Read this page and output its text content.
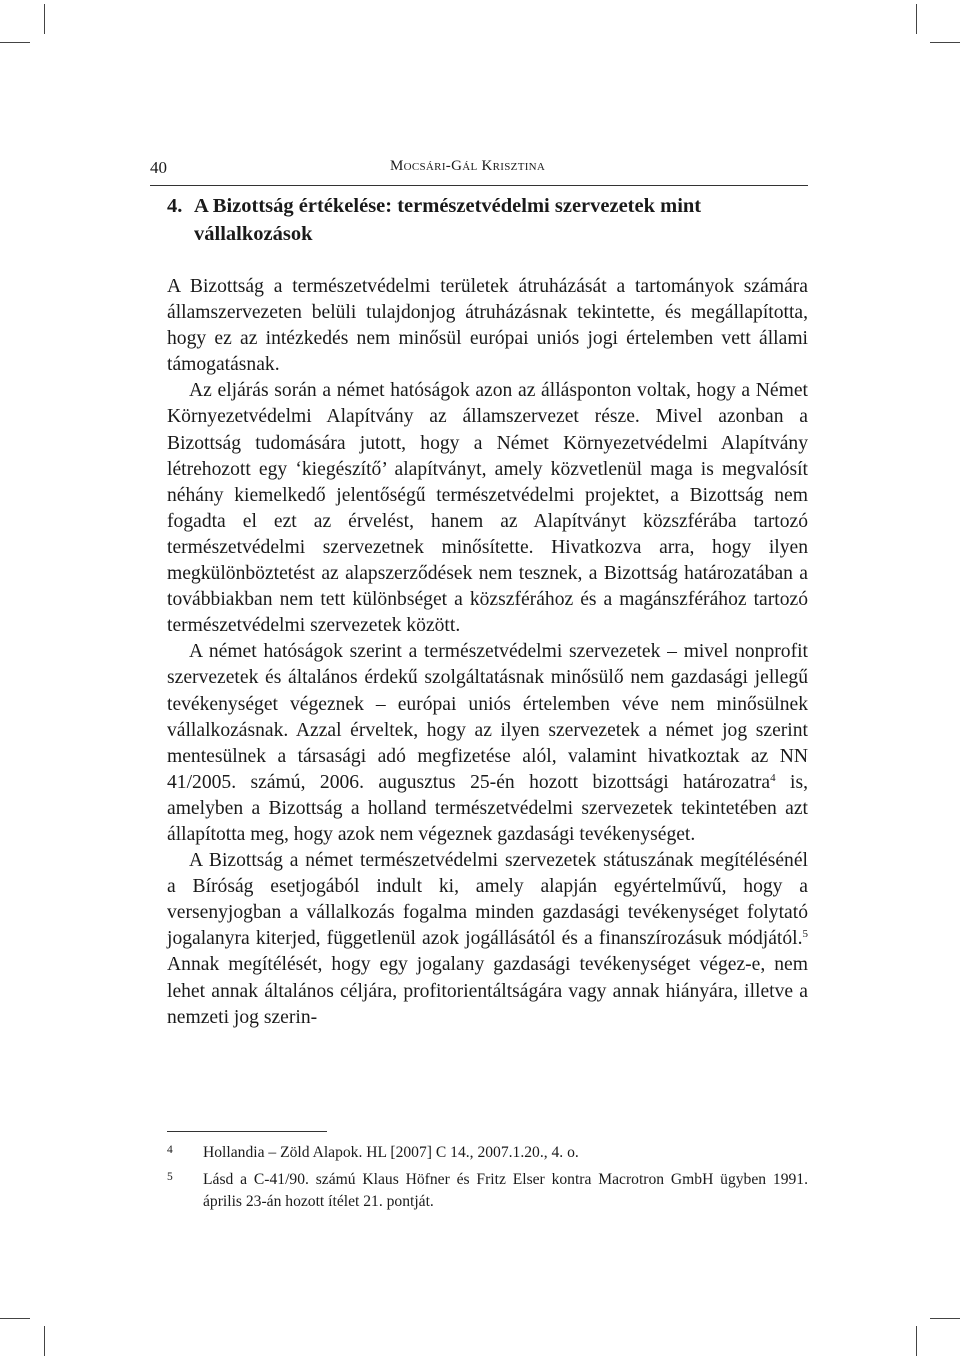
40	Mocsári-Gál Krisztina
4. A Bizottság értékelése: természetvédelmi szervezetek mint vállalkozások

A Bizottság a természetvédelmi területek átruházását a tartományok számára államszervezeten belüli tulajdonjog átruházásnak tekintette, és megállapította, hogy ez az intézkedés nem minősül európai uniós jogi értelemben vett állami támogatásnak.

Az eljárás során a német hatóságok azon az állásponton voltak, hogy a Német Környezetvédelmi Alapítvány az államszervezet része. Mivel azonban a Bizottság tudomására jutott, hogy a Német Környezetvédelmi Alapítvány létrehozott egy ‘kiegészítő’ alapítványt, amely közvetlenül maga is megvalósít néhány kiemelkedő jelentőségű természetvédelmi projektet, a Bizottság nem fogadta el ezt az érvelést, hanem az Alapítványt közszférába tartozó természetvédelmi szervezetnek minősítette. Hivatkozva arra, hogy ilyen megkülönböztetést az alapszerződések nem tesznek, a Bizottság határozatában a továbbiakban nem tett különbséget a közszférához és a magánszférához tartozó természetvédelmi szervezetek között.

A német hatóságok szerint a természetvédelmi szervezetek – mivel nonprofit szervezetek és általános érdekű szolgáltatásnak minősülő nem gazdasági jellegű tevékenységet végeznek – európai uniós értelemben véve nem minősülnek vállalkozásnak. Azzal érveltek, hogy az ilyen szervezetek a német jog szerint mentesülnek a társasági adó megfizetése alól, valamint hivatkoztak az NN 41/2005. számú, 2006. augusztus 25-én hozott bizottsági határozatra$^4$ is, amelyben a Bizottság a holland természetvédelmi szervezetek tekintetében azt állapította meg, hogy azok nem végeznek gazdasági tevékenységet.

A Bizottság a német természetvédelmi szervezetek státuszának megítélésénél a Bíróság esetjogából indult ki, amely alapján egyértelművű, hogy a versenyjogban a vállalkozás fogalma minden gazdasági tevékenységet folytató jogalanyra kiterjed, függetlenül azok jogállásától és a finanszírozásuk módjától.$^5$ Annak megítélését, hogy egy jogalany gazdasági tevékenységet végez-e, nem lehet annak általános céljára, profitorientáltságára vagy annak hiányára, illetve a nemzeti jog szerin-

4 Hollandia – Zöld Alapok. HL [2007] C 14., 2007.1.20., 4. o.
5 Lásd a C-41/90. számú Klaus Höfner és Fritz Elser kontra Macrotron GmbH ügyben 1991. április 23-án hozott ítélet 21. pontját.
